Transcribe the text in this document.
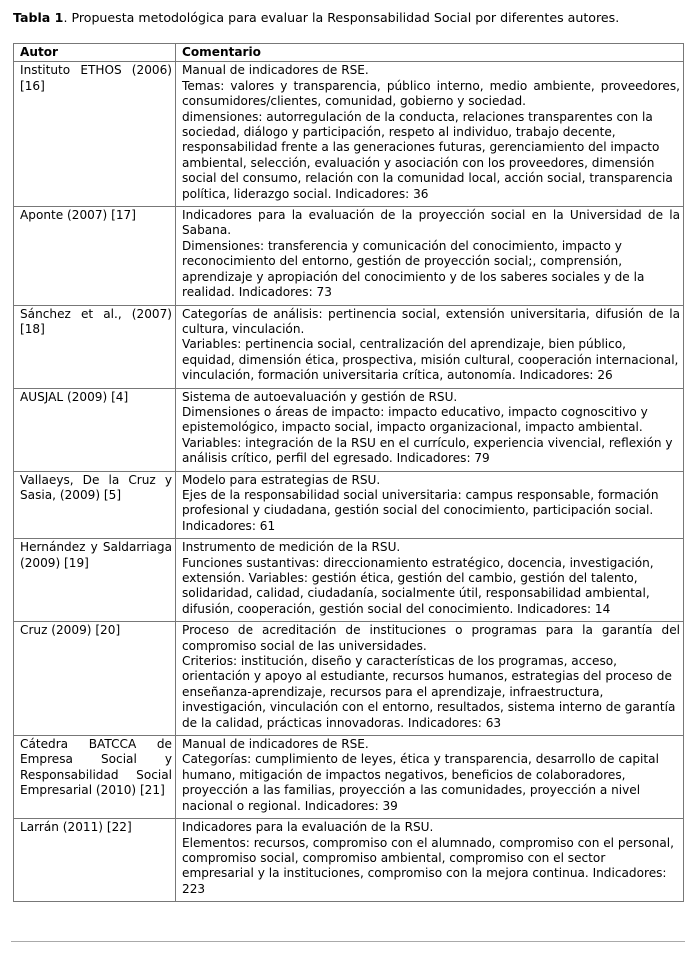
Tabla 1. Propuesta metodológica para evaluar la Responsabilidad Social por diferentes autores.
Autor	Comentario
Instituto ETHOS (2006) [16]	Manual de indicadores de RSE.
Temas: valores y transparencia, público interno, medio ambiente, proveedores, consumidores/clientes, comunidad, gobierno y sociedad.
dimensiones: autorregulación de la conducta, relaciones transparentes con la sociedad, diálogo y participación, respeto al individuo, trabajo decente, responsabilidad frente a las generaciones futuras, gerenciamiento del impacto ambiental, selección, evaluación y asociación con los proveedores, dimensión social del consumo, relación con la comunidad local, acción social, transparencia política, liderazgo social. Indicadores: 36

Aponte (2007) [17]	Indicadores para la evaluación de la proyección social en la Universidad de la Sabana.
Dimensiones: transferencia y comunicación del conocimiento, impacto y reconocimiento del entorno, gestión de proyección social;, comprensión, aprendizaje y apropiación del conocimiento y de los saberes sociales y de la realidad. Indicadores: 73

Sánchez et al., (2007) [18]	Categorías de análisis: pertinencia social, extensión universitaria, difusión de la cultura, vinculación.
Variables: pertinencia social, centralización del aprendizaje, bien público, equidad, dimensión ética, prospectiva, misión cultural, cooperación internacional, vinculación, formación universitaria crítica, autonomía. Indicadores: 26

AUSJAL (2009) [4]	Sistema de autoevaluación y gestión de RSU.
Dimensiones o áreas de impacto: impacto educativo, impacto cognoscitivo y epistemológico, impacto social, impacto organizacional, impacto ambiental. Variables: integración de la RSU en el currículo, experiencia vivencial, reflexión y análisis crítico, perfil del egresado. Indicadores: 79

Vallaeys, De la Cruz y Sasia, (2009) [5]	Modelo para estrategias de RSU.
Ejes de la responsabilidad social universitaria: campus responsable, formación profesional y ciudadana, gestión social del conocimiento, participación social. Indicadores: 61

Hernández y Saldarriaga (2009) [19]	Instrumento de medición de la RSU.
Funciones sustantivas: direccionamiento estratégico, docencia, investigación, extensión. Variables: gestión ética, gestión del cambio, gestión del talento, solidaridad, calidad, ciudadanía, socialmente útil, responsabilidad ambiental, difusión, cooperación, gestión social del conocimiento. Indicadores: 14

Cruz (2009) [20]	Proceso de acreditación de instituciones o programas para la garantía del compromiso social de las universidades.
Criterios: institución, diseño y características de los programas, acceso, orientación y apoyo al estudiante, recursos humanos, estrategias del proceso de enseñanza-aprendizaje, recursos para el aprendizaje, infraestructura, investigación, vinculación con el entorno, resultados, sistema interno de garantía de la calidad, prácticas innovadoras. Indicadores: 63

Cátedra BATCCA de Empresa Social y Responsabilidad Social Empresarial (2010) [21]	Manual de indicadores de RSE.
Categorías: cumplimiento de leyes, ética y transparencia, desarrollo de capital humano, mitigación de impactos negativos, beneficios de colaboradores, proyección a las familias, proyección a las comunidades, proyección a nivel nacional o regional. Indicadores: 39

Larrán (2011) [22]	Indicadores para la evaluación de la RSU.
Elementos: recursos, compromiso con el alumnado, compromiso con el personal, compromiso social, compromiso ambiental, compromiso con el sector empresarial y la instituciones, compromiso con la mejora continua. Indicadores: 223
